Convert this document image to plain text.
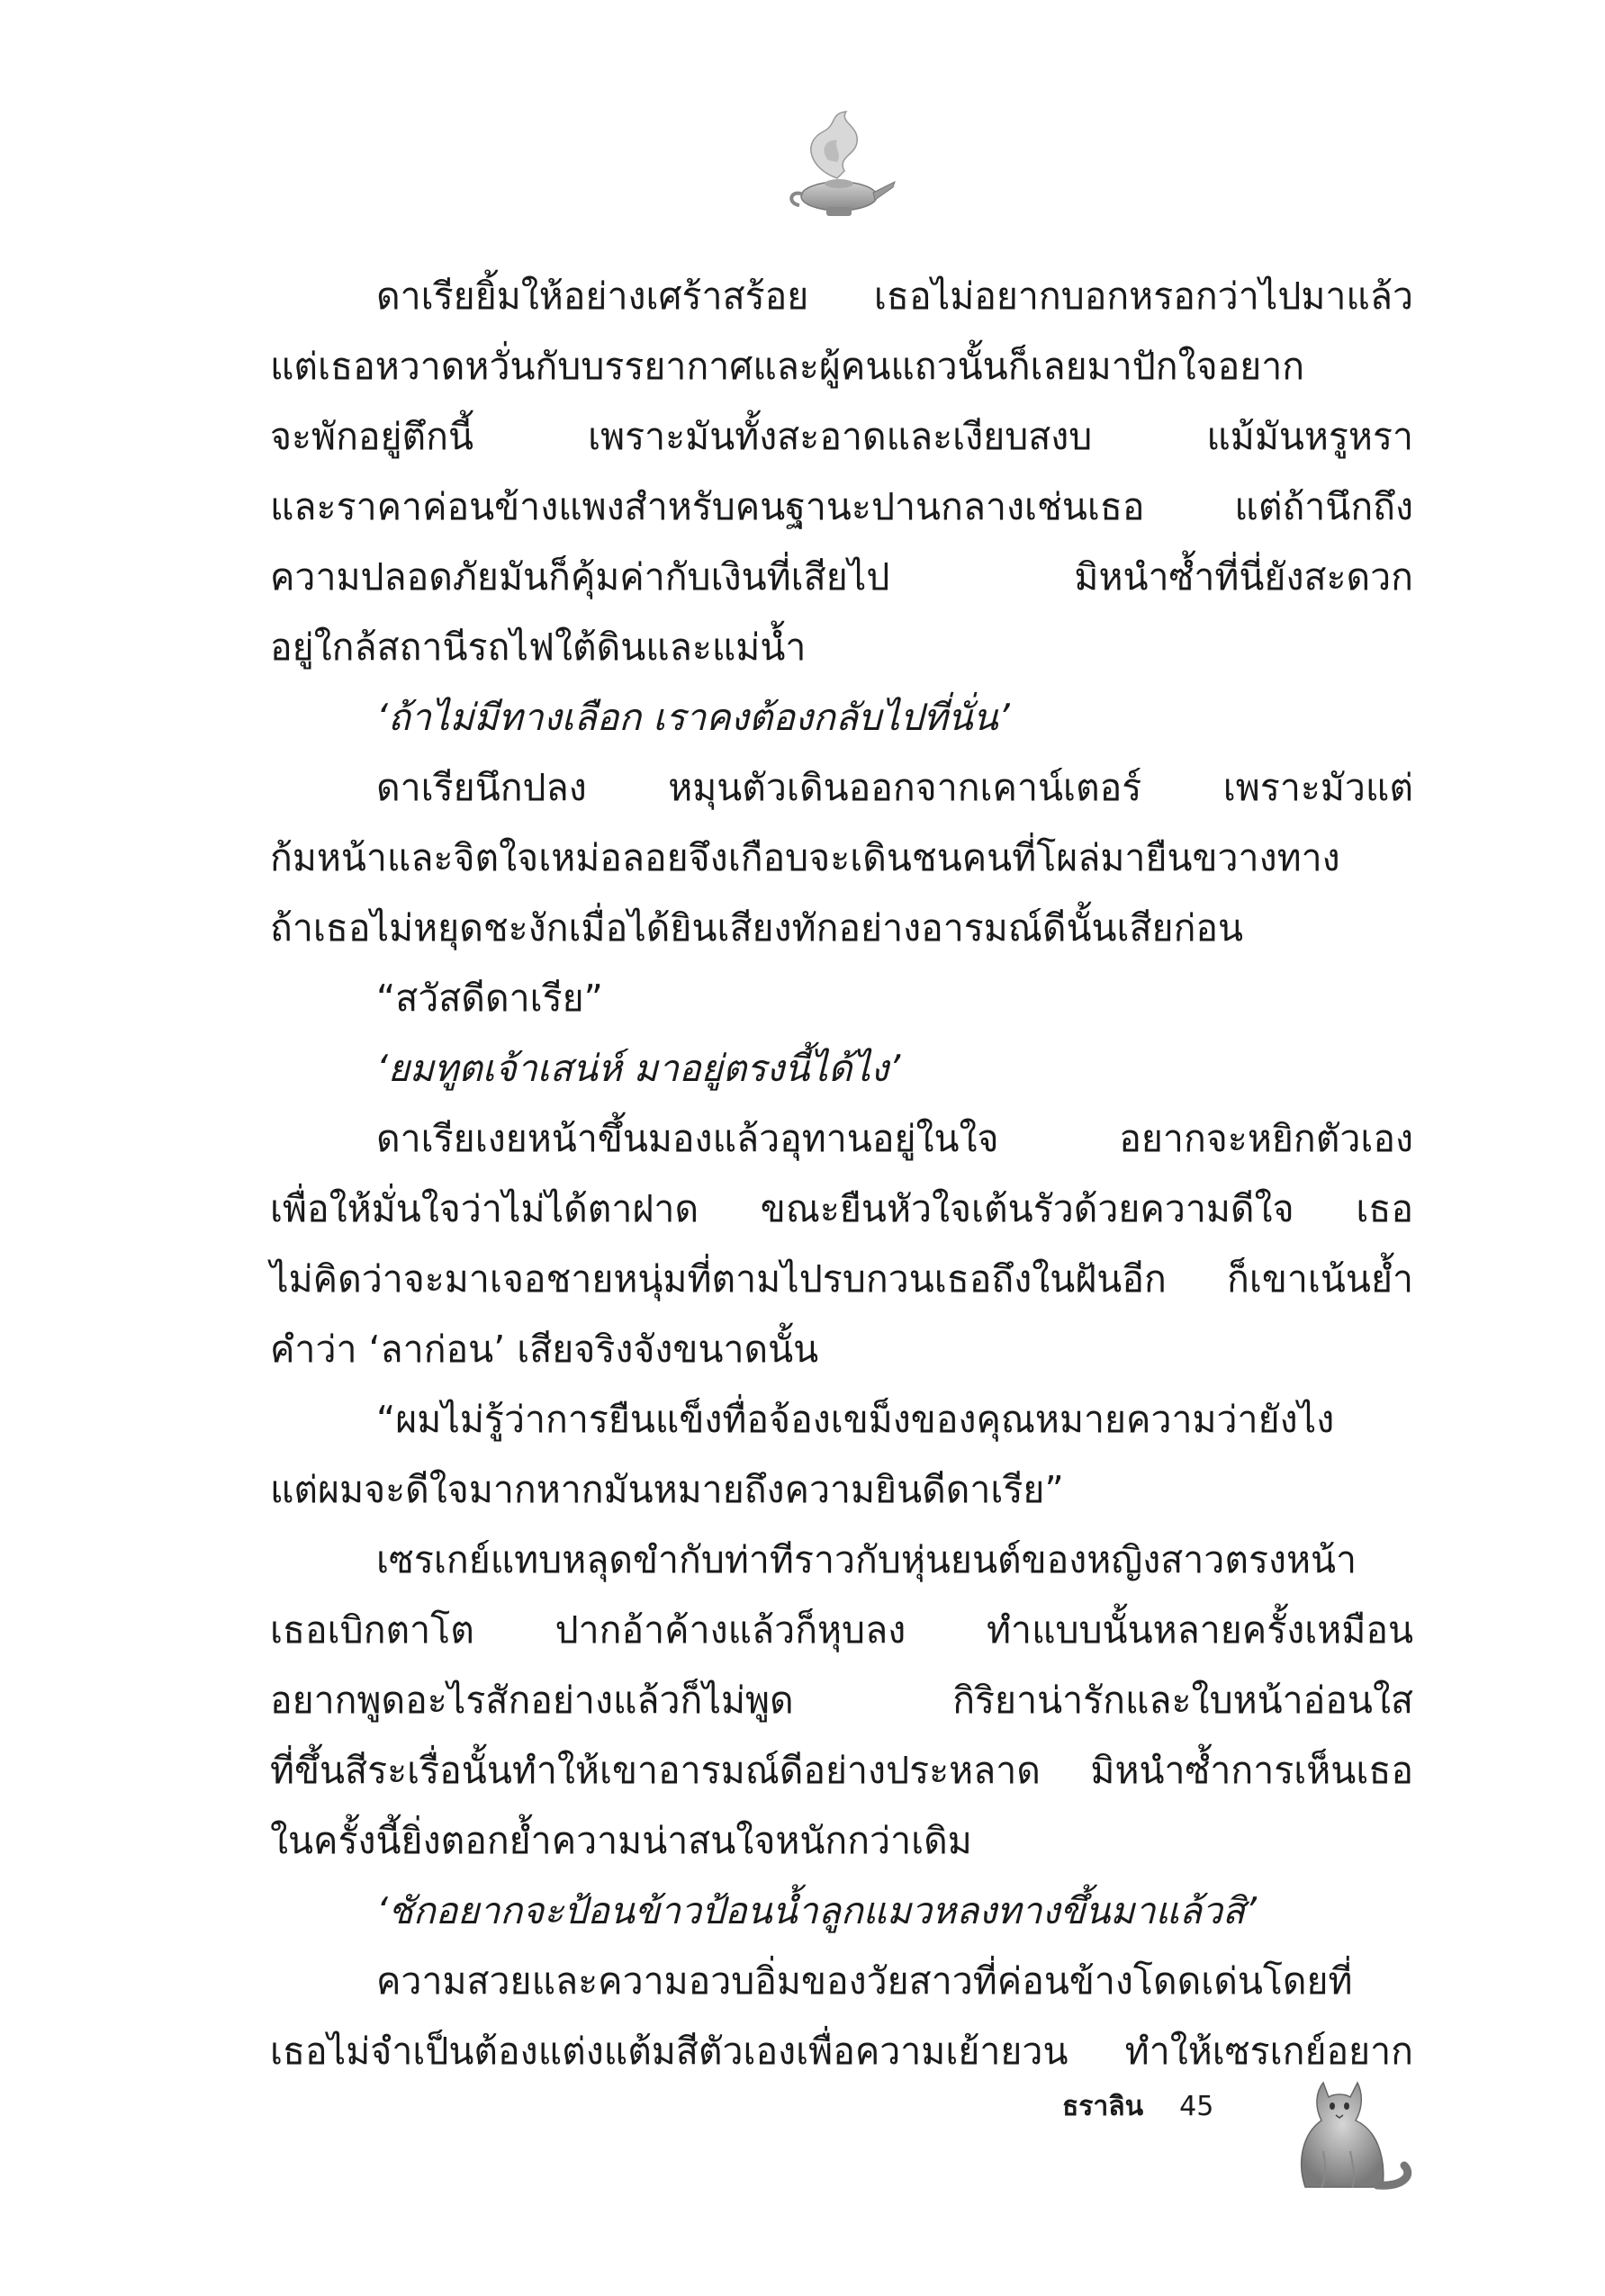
ดาเรียยิ้มให้อย่างเศร้าสร้อย เธอไม่อยากบอกหรอกว่าไปมาแล้ว
แต่เธอหวาดหวั่นกับบรรยากาศและผู้คนแถวนั้นก็เลยมาปักใจอยาก
จะพักอยู่ตึกนี้ เพราะมันทั้งสะอาดและเงียบสงบ แม้มันหรูหรา
และราคาค่อนข้างแพงสำหรับคนฐานะปานกลางเช่นเธอ แต่ถ้านึกถึง
ความปลอดภัยมันก็คุ้มค่ากับเงินที่เสียไป มิหนำซ้ำที่นี่ยังสะดวก
อยู่ใกล้สถานีรถไฟใต้ดินและแม่น้ำ
‘ถ้าไม่มีทางเลือก เราคงต้องกลับไปที่นั่น’
ดาเรียนึกปลง หมุนตัวเดินออกจากเคาน์เตอร์ เพราะมัวแต่
ก้มหน้าและจิตใจเหม่อลอยจึงเกือบจะเดินชนคนที่โผล่มายืนขวางทาง
ถ้าเธอไม่หยุดชะงักเมื่อได้ยินเสียงทักอย่างอารมณ์ดีนั้นเสียก่อน
“สวัสดีดาเรีย”
‘ยมทูตเจ้าเสน่ห์ มาอยู่ตรงนี้ได้ไง’
ดาเรียเงยหน้าขึ้นมองแล้วอุทานอยู่ในใจ อยากจะหยิกตัวเอง
เพื่อให้มั่นใจว่าไม่ได้ตาฝาด ขณะยืนหัวใจเต้นรัวด้วยความดีใจ เธอ
ไม่คิดว่าจะมาเจอชายหนุ่มที่ตามไปรบกวนเธอถึงในฝันอีก ก็เขาเน้นย้ำ
คำว่า ‘ลาก่อน’ เสียจริงจังขนาดนั้น
“ผมไม่รู้ว่าการยืนแข็งทื่อจ้องเขม็งของคุณหมายความว่ายังไง
แต่ผมจะดีใจมากหากมันหมายถึงความยินดีดาเรีย”
เซรเกย์แทบหลุดขำกับท่าทีราวกับหุ่นยนต์ของหญิงสาวตรงหน้า
เธอเบิกตาโต ปากอ้าค้างแล้วก็หุบลง ทำแบบนั้นหลายครั้งเหมือน
อยากพูดอะไรสักอย่างแล้วก็ไม่พูด กิริยาน่ารักและใบหน้าอ่อนใส
ที่ขึ้นสีระเรื่อนั้นทำให้เขาอารมณ์ดีอย่างประหลาด มิหนำซ้ำการเห็นเธอ
ในครั้งนี้ยิ่งตอกย้ำความน่าสนใจหนักกว่าเดิม
‘ชักอยากจะป้อนข้าวป้อนน้ำลูกแมวหลงทางขึ้นมาแล้วสิ’
ความสวยและความอวบอิ่มของวัยสาวที่ค่อนข้างโดดเด่นโดยที่
เธอไม่จำเป็นต้องแต่งแต้มสีตัวเองเพื่อความเย้ายวน ทำให้เซรเกย์อยาก
ธราลิน 45
